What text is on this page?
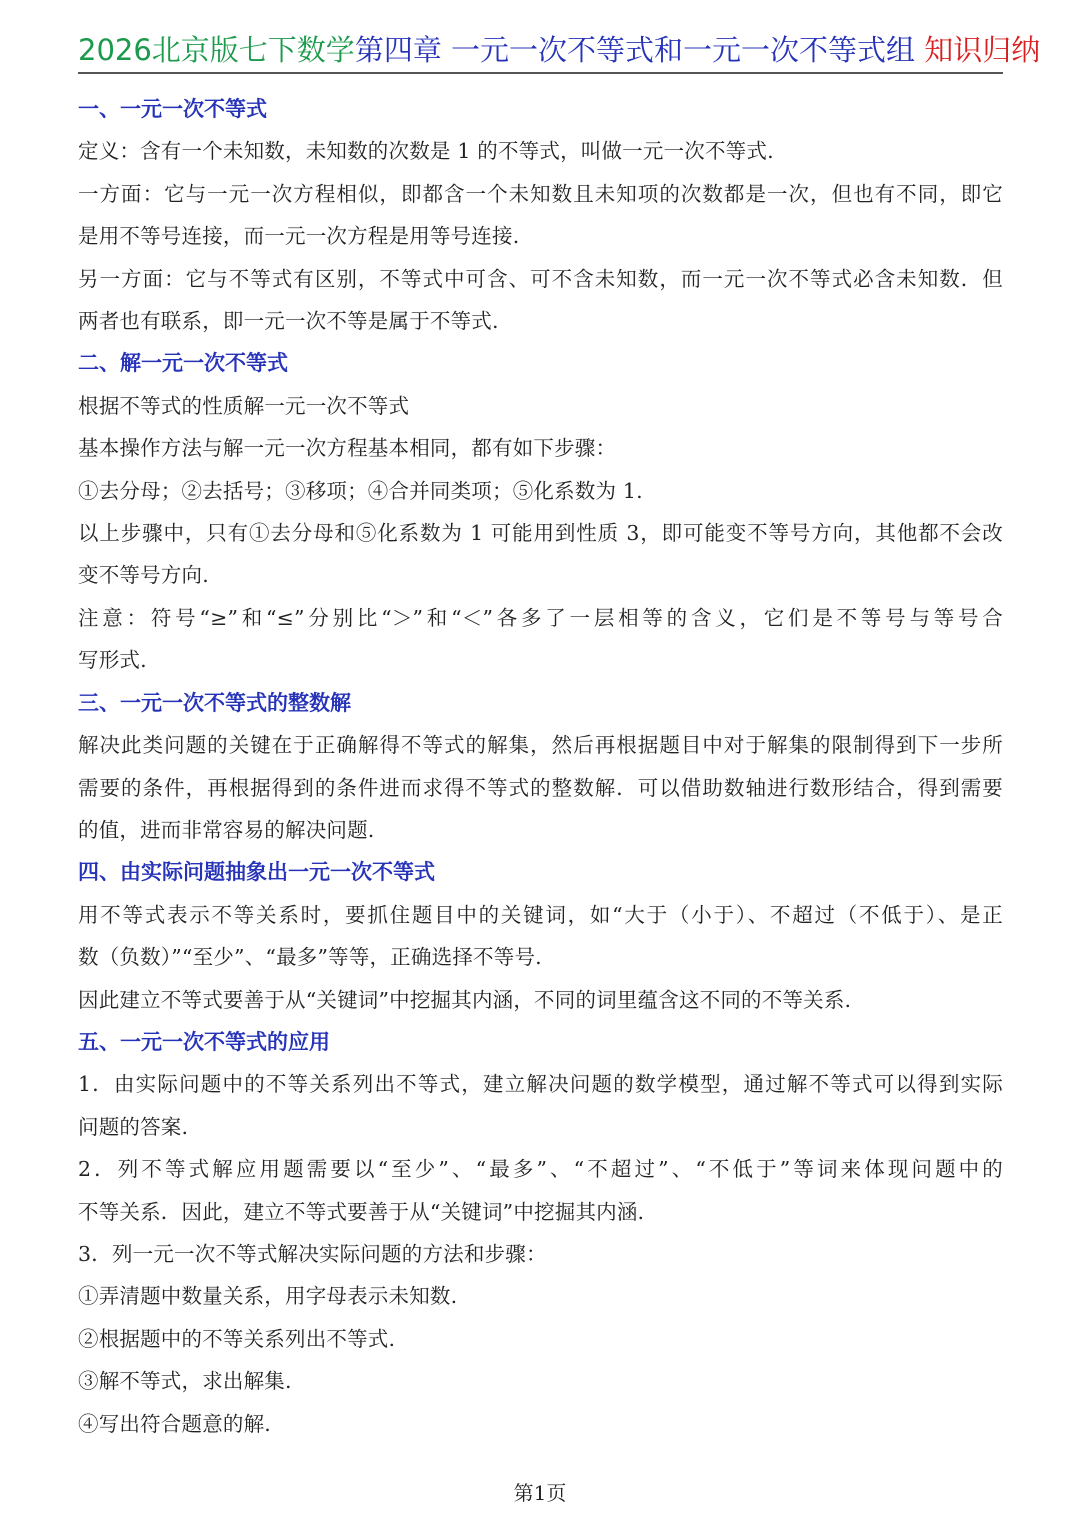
2026北京版七下数学第四章 一元一次不等式和一元一次不等式组 知识归纳
一、一元一次不等式

定义：含有一个未知数，未知数的次数是 1 的不等式，叫做一元一次不等式.

一方面：它与一元一次方程相似，即都含一个未知数且未知项的次数都是一次，但也有不同，即它

是用不等号连接，而一元一次方程是用等号连接.

另一方面：它与不等式有区别，不等式中可含、可不含未知数，而一元一次不等式必含未知数．但

两者也有联系，即一元一次不等是属于不等式.

二、解一元一次不等式

根据不等式的性质解一元一次不等式

基本操作方法与解一元一次方程基本相同，都有如下步骤：

①去分母；②去括号；③移项；④合并同类项；⑤化系数为 1.

以上步骤中，只有①去分母和⑤化系数为 1 可能用到性质 3，即可能变不等号方向，其他都不会改

变不等号方向.

注意：符号“≥”和“≤”分别比“＞”和“＜”各多了一层相等的含义，它们是不等号与等号合

写形式.

三、一元一次不等式的整数解

解决此类问题的关键在于正确解得不等式的解集，然后再根据题目中对于解集的限制得到下一步所

需要的条件，再根据得到的条件进而求得不等式的整数解．可以借助数轴进行数形结合，得到需要

的值，进而非常容易的解决问题.

四、由实际问题抽象出一元一次不等式

用不等式表示不等关系时，要抓住题目中的关键词，如“大于（小于）、不超过（不低于）、是正

数（负数）”“至少”、“最多”等等，正确选择不等号.

因此建立不等式要善于从“关键词”中挖掘其内涵，不同的词里蕴含这不同的不等关系.

五、一元一次不等式的应用

1．由实际问题中的不等关系列出不等式，建立解决问题的数学模型，通过解不等式可以得到实际

问题的答案.

2．列不等式解应用题需要以“至少”、“最多”、“不超过”、“不低于”等词来体现问题中的

不等关系．因此，建立不等式要善于从“关键词”中挖掘其内涵.

3．列一元一次不等式解决实际问题的方法和步骤：

①弄清题中数量关系，用字母表示未知数.

②根据题中的不等关系列出不等式.

③解不等式，求出解集.

④写出符合题意的解.

第1页
